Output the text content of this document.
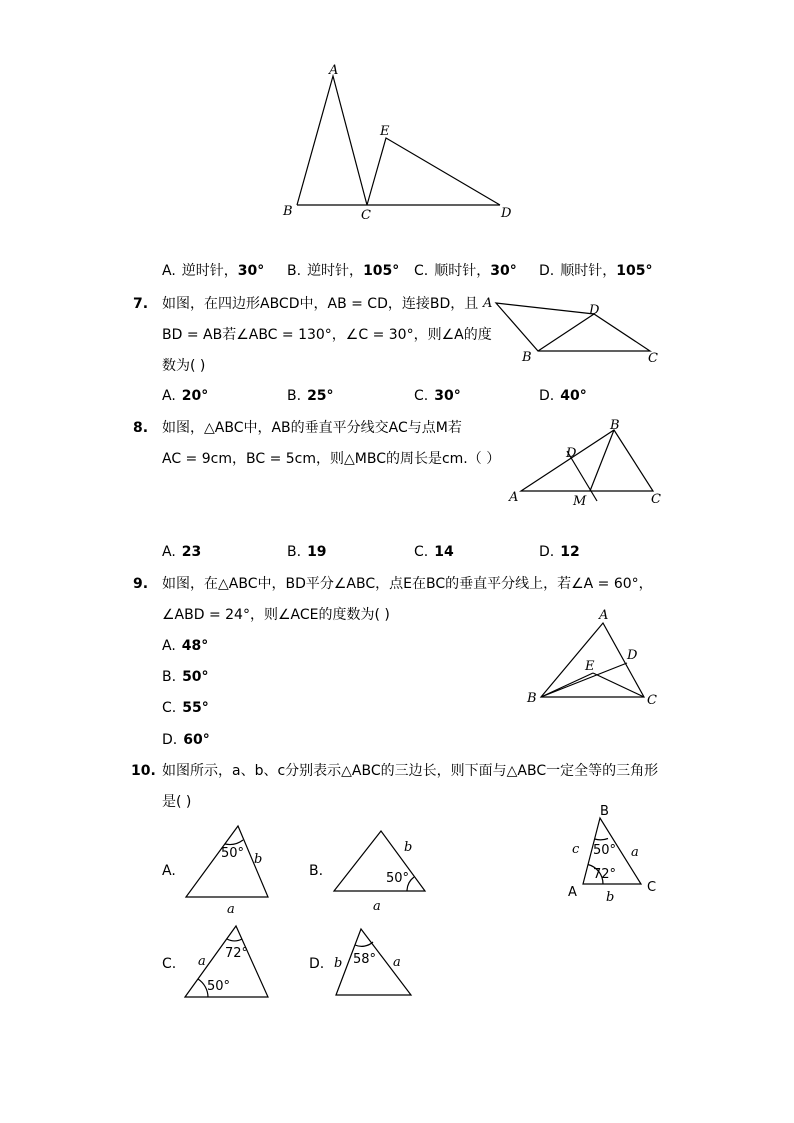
A
E
B	C	D
A. 逆时针，30° B. 逆时针，105° C. 顺时针，30° D. 顺时针，105°
7. 如图，在四边形ABCD中，AB = CD，连接BD，且
BD = AB若∠ABC = 130°，∠C = 30°，则∠A的度
数为( )
A	D
B	C
A. 20°	B. 25°	C. 30°	D. 40°
8. 如图，△ABC中，AB的垂直平分线交AC与点M若
AC = 9cm，BC = 5cm，则△MBC的周长是cm.（ ）
B
D
A	M	C
A. 23	B. 19	C. 14	D. 12
9. 如图，在△ABC中，BD平分∠ABC，点E在BC的垂直平分线上，若∠A = 60°，
∠ABD = 24°，则∠ACE的度数为( )
A. 48°
B. 50°
C. 55°
D. 60°
A
D
E
B	C
10. 如图所示，a、b、c分别表示△ABC的三边长，则下面与△ABC一定全等的三角形
是( )
B
c 50° a
72°
A	C
b
A.
50° b
a
B.
b
50°
a
C.
72°
a
50°
D. b 58° a
